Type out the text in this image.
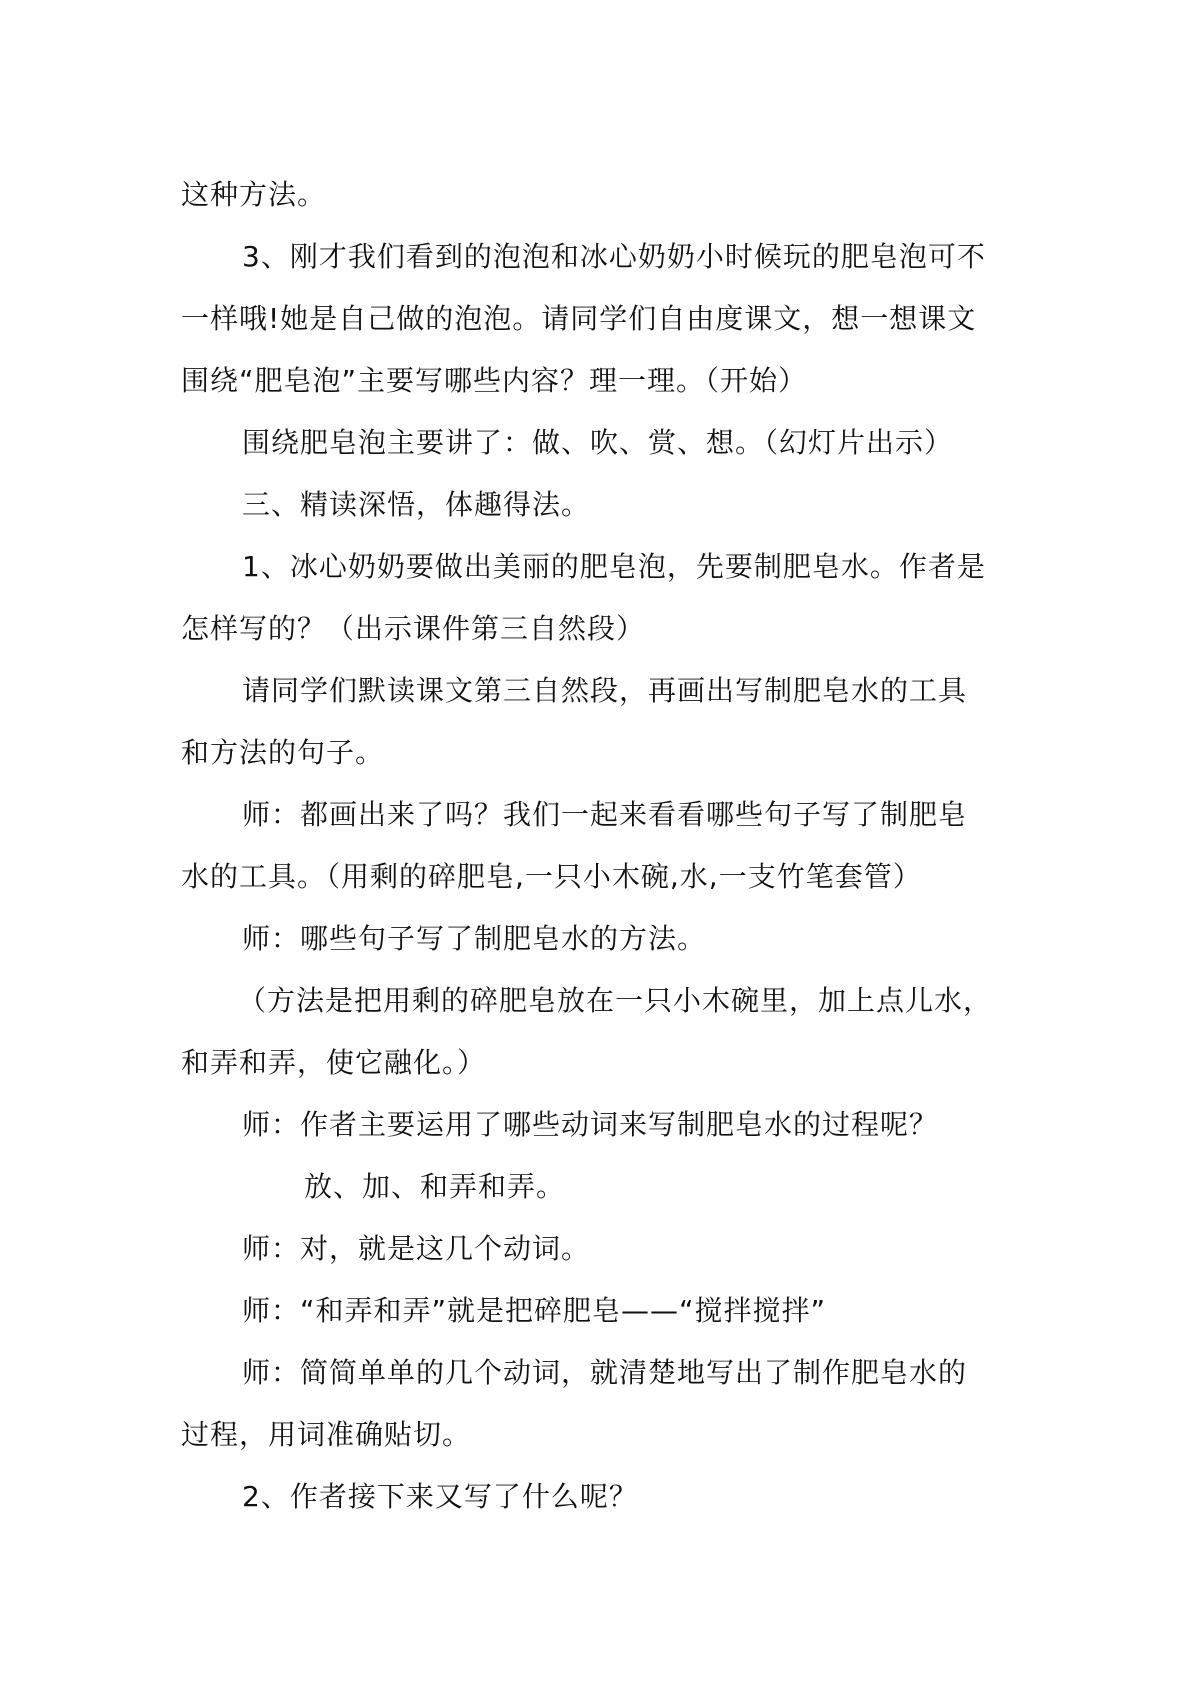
这种方法。
3、刚才我们看到的泡泡和冰心奶奶小时候玩的肥皂泡可不
一样哦!她是自己做的泡泡。请同学们自由度课文，想一想课文
围绕“肥皂泡”主要写哪些内容？理一理。（开始）
围绕肥皂泡主要讲了：做、吹、赏、想。（幻灯片出示）
三、精读深悟，体趣得法。
1、冰心奶奶要做出美丽的肥皂泡，先要制肥皂水。作者是
怎样写的？（出示课件第三自然段）
请同学们默读课文第三自然段，再画出写制肥皂水的工具
和方法的句子。
师：都画出来了吗？我们一起来看看哪些句子写了制肥皂
水的工具。（用剩的碎肥皂,一只小木碗,水,一支竹笔套管）
师：哪些句子写了制肥皂水的方法。
（方法是把用剩的碎肥皂放在一只小木碗里，加上点儿水，
和弄和弄，使它融化。）
师：作者主要运用了哪些动词来写制肥皂水的过程呢？
放、加、和弄和弄。
师：对，就是这几个动词。
师：“和弄和弄”就是把碎肥皂——“搅拌搅拌”
师：简简单单的几个动词，就清楚地写出了制作肥皂水的
过程，用词准确贴切。
2、作者接下来又写了什么呢？
